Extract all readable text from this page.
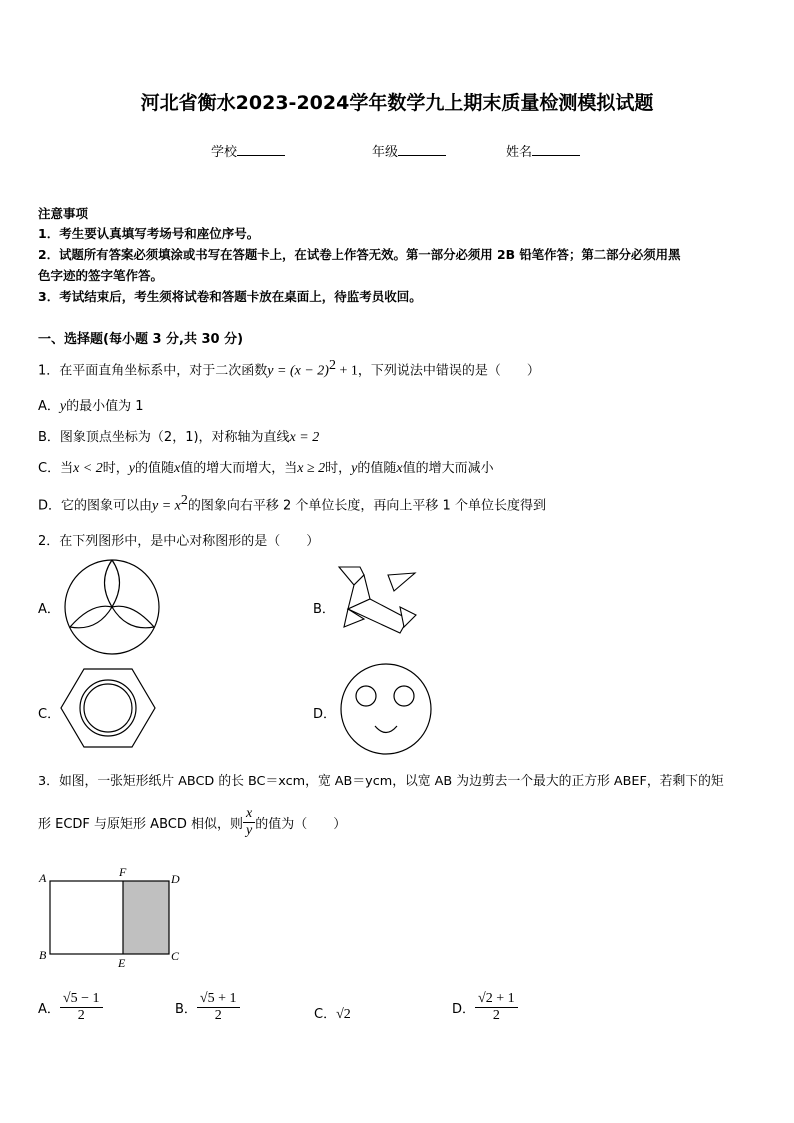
河北省衡水2023-2024学年数学九上期末质量检测模拟试题
学校	年级	姓名
注意事项
1．考生要认真填写考场号和座位序号。
2．试题所有答案必须填涂或书写在答题卡上，在试卷上作答无效。第一部分必须用 2B 铅笔作答；第二部分必须用黑
色字迹的签字笔作答。
3．考试结束后，考生须将试卷和答题卡放在桌面上，待监考员收回。
一、选择题(每小题 3 分,共 30 分)
1．在平面直角坐标系中，对于二次函数$y = (x - 2)^2 + 1$，下列说法中错误的是（　　）
A．y的最小值为 1
B．图象顶点坐标为（2，1)，对称轴为直线x = 2
C．当x < 2时，y的值随x值的增大而增大，当x ≥ 2时，y的值随x值的增大而减小
D．它的图象可以由$y = x^2$的图象向右平移 2 个单位长度，再向上平移 1 个单位长度得到
2．在下列图形中，是中心对称图形的是（　　）
A．	B．
C．	D．
3．如图，一张矩形纸片 ABCD 的长 BC＝xcm，宽 AB＝ycm，以宽 AB 为边剪去一个最大的正方形 ABEF，若剩下的矩
形 ECDF 与原矩形 ABCD 相似，则 $\frac{x}{y}$ 的值为（　　）
A	F	D
B
E	C
A． $\frac{√5 - 1}{2}$	B． $\frac{√5 + 1}{2}$	C．√2	D． $\frac{√2 + 1}{2}$
